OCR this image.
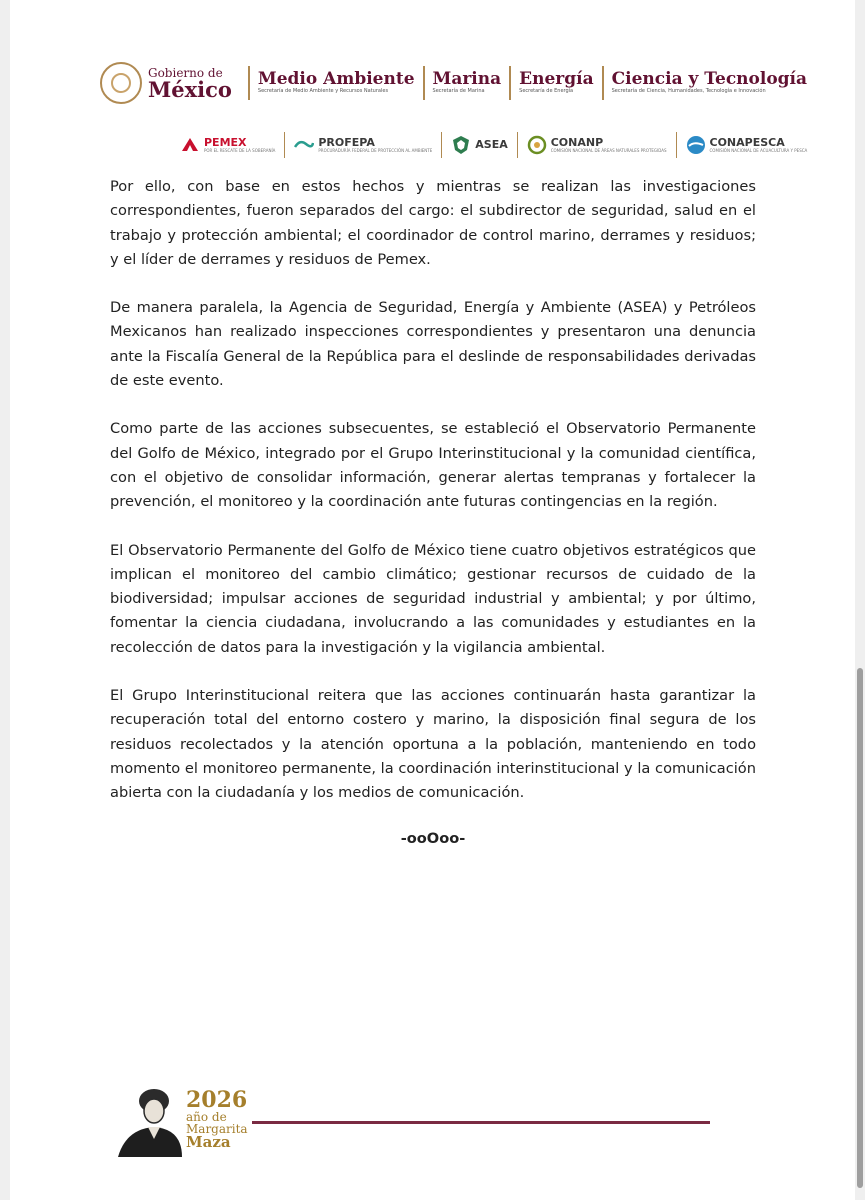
Gobierno de
México Medio Ambiente
Secretaría de Medio Ambiente y Recursos Naturales
Marina
Secretaría de Marina
Energía
Secretaría de Energía
Ciencia y Tecnología
Secretaría de Ciencia, Humanidades, Tecnología e Innovación
PEMEX
POR EL RESCATE DE LA SOBERANÍA
PROFEPA
PROCURADURÍA FEDERAL DE PROTECCIÓN AL AMBIENTE	ASEA	CONANP
COMISIÓN NACIONAL DE ÁREAS NATURALES PROTEGIDAS
CONAPESCA
COMISIÓN NACIONAL DE ACUACULTURA Y PESCA

Por ello, con base en estos hechos y mientras se realizan las investigaciones correspondientes, fueron separados del cargo: el subdirector de seguridad, salud en el trabajo y protección ambiental; el coordinador de control marino, derrames y residuos; y el líder de derrames y residuos de Pemex.

De manera paralela, la Agencia de Seguridad, Energía y Ambiente (ASEA) y Petróleos Mexicanos han realizado inspecciones correspondientes y presentaron una denuncia ante la Fiscalía General de la República para el deslinde de responsabilidades derivadas de este evento.

Como parte de las acciones subsecuentes, se estableció el Observatorio Permanente del Golfo de México, integrado por el Grupo Interinstitucional y la comunidad científica, con el objetivo de consolidar información, generar alertas tempranas y fortalecer la prevención, el monitoreo y la coordinación ante futuras contingencias en la región.

El Observatorio Permanente del Golfo de México tiene cuatro objetivos estratégicos que implican el monitoreo del cambio climático; gestionar recursos de cuidado de la biodiversidad; impulsar acciones de seguridad industrial y ambiental; y por último, fomentar la ciencia ciudadana, involucrando a las comunidades y estudiantes en la recolección de datos para la investigación y la vigilancia ambiental.

El Grupo Interinstitucional reitera que las acciones continuarán hasta garantizar la recuperación total del entorno costero y marino, la disposición final segura de los residuos recolectados y la atención oportuna a la población, manteniendo en todo momento el monitoreo permanente, la coordinación interinstitucional y la comunicación abierta con la ciudadanía y los medios de comunicación.

-ooOoo-
2026
año de
Margarita
Maza
